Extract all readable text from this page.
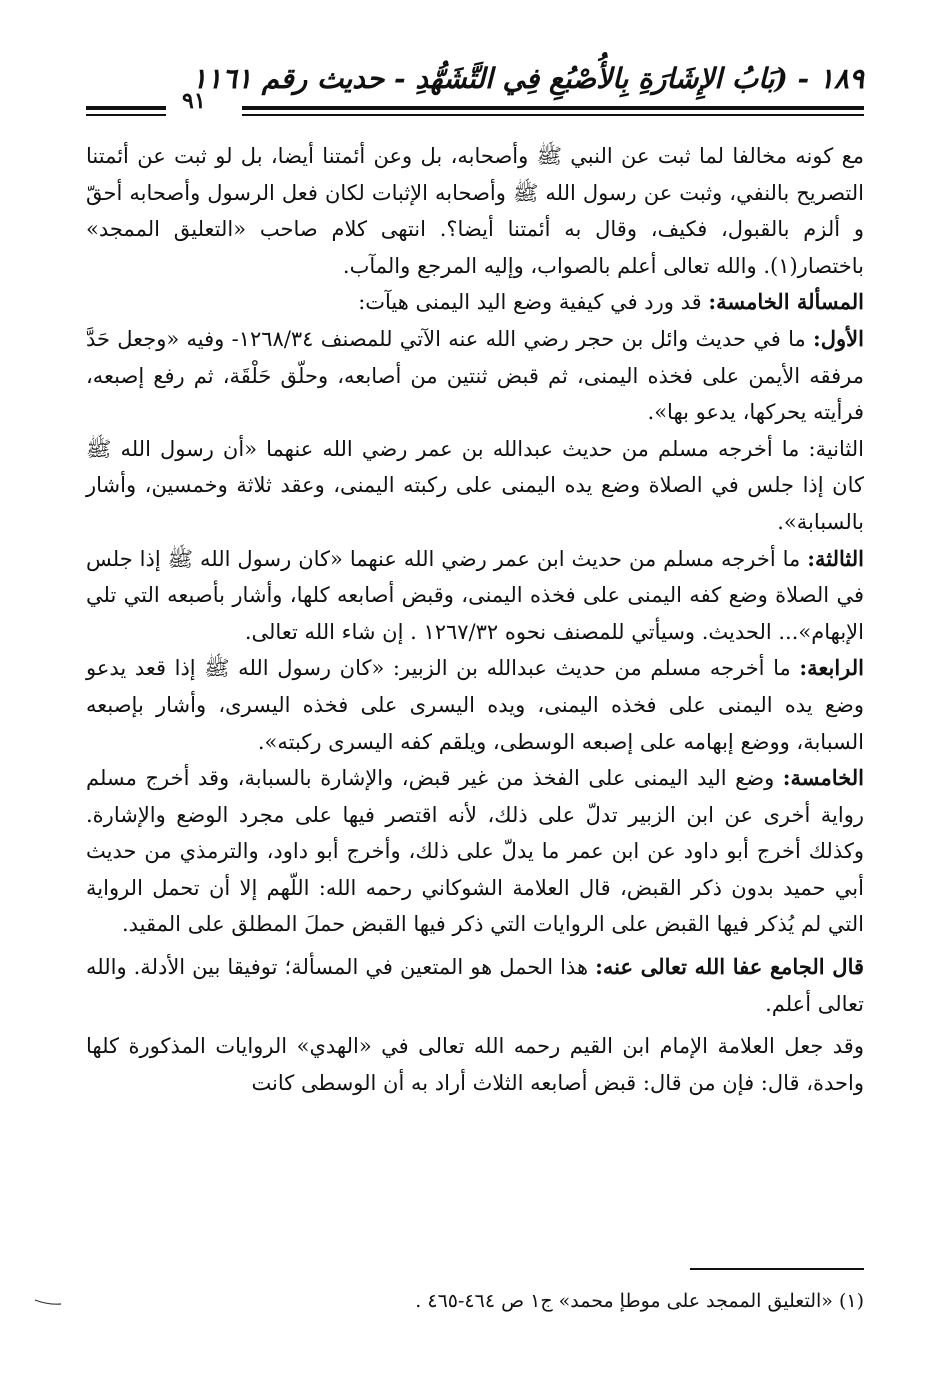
١٨٩ - (بَابُ الإِشَارَةِ بِالأُصْبُعِ فِي التَّشَهُّدِ - حديث رقم ١١٦١
٩١

مع كونه مخالفا لما ثبت عن النبي ﷺ وأصحابه، بل وعن أئمتنا أيضا، بل لو ثبت عن أئمتنا التصريح بالنفي، وثبت عن رسول الله ﷺ وأصحابه الإثبات لكان فعل الرسول وأصحابه أحقّ و ألزم بالقبول، فكيف، وقال به أئمتنا أيضا؟. انتهى كلام صاحب «التعليق الممجد» باختصار(١). والله تعالى أعلم بالصواب، وإليه المرجع والمآب.

المسألة الخامسة: قد ورد في كيفية وضع اليد اليمنى هيآت:

الأول: ما في حديث وائل بن حجر رضي الله عنه الآتي للمصنف ١٢٦٨/٣٤- وفيه «وجعل حَدَّ مرفقه الأيمن على فخذه اليمنى، ثم قبض ثنتين من أصابعه، وحلّق حَلْقَة، ثم رفع إصبعه، فرأيته يحركها، يدعو بها».

الثانية: ما أخرجه مسلم من حديث عبدالله بن عمر رضي الله عنهما «أن رسول الله ﷺ كان إذا جلس في الصلاة وضع يده اليمنى على ركبته اليمنى، وعقد ثلاثة وخمسين، وأشار بالسبابة».

الثالثة: ما أخرجه مسلم من حديث ابن عمر رضي الله عنهما «كان رسول الله ﷺ إذا جلس في الصلاة وضع كفه اليمنى على فخذه اليمنى، وقبض أصابعه كلها، وأشار بأصبعه التي تلي الإبهام»... الحديث. وسيأتي للمصنف نحوه ١٢٦٧/٣٢ . إن شاء الله تعالى.

الرابعة: ما أخرجه مسلم من حديث عبدالله بن الزبير: «كان رسول الله ﷺ إذا قعد يدعو وضع يده اليمنى على فخذه اليمنى، ويده اليسرى على فخذه اليسرى، وأشار بإصبعه السبابة، ووضع إبهامه على إصبعه الوسطى، ويلقم كفه اليسرى ركبته».

الخامسة: وضع اليد اليمنى على الفخذ من غير قبض، والإشارة بالسبابة، وقد أخرج مسلم رواية أخرى عن ابن الزبير تدلّ على ذلك، لأنه اقتصر فيها على مجرد الوضع والإشارة. وكذلك أخرج أبو داود عن ابن عمر ما يدلّ على ذلك، وأخرج أبو داود، والترمذي من حديث أبي حميد بدون ذكر القبض، قال العلامة الشوكاني رحمه الله: اللّهم إلا أن تحمل الرواية التي لم يُذكر فيها القبض على الروايات التي ذكر فيها القبض حملَ المطلق على المقيد.

قال الجامع عفا الله تعالى عنه: هذا الحمل هو المتعين في المسألة؛ توفيقا بين الأدلة. والله تعالى أعلم.

وقد جعل العلامة الإمام ابن القيم رحمه الله تعالى في «الهدي» الروايات المذكورة كلها واحدة، قال: فإن من قال: قبض أصابعه الثلاث أراد به أن الوسطى كانت

(١) «التعليق الممجد على موطإ محمد» ج١ ص ٤٦٤-٤٦٥ .
